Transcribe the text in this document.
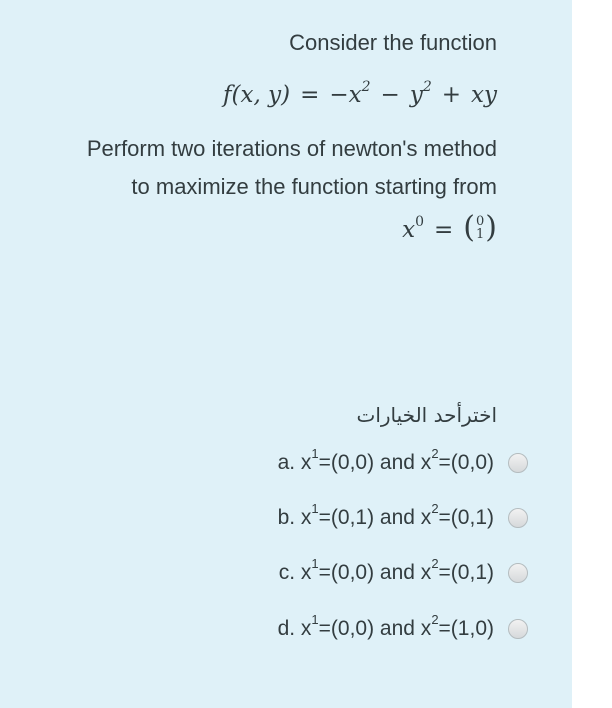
Consider the function
f(x, $y) = -x^2 - y^2$ + xy
Perform two iterations of newton's method
to maximize the function starting from
$x^0$ = ( 0
1 )
اخترأحد الخيارات
a. $x^1=(0,0)$ and $x^2=(0,0)$
b. $x^1=(0,1)$ and $x^2=(0,1)$
c. $x^1=(0,0)$ and $x^2=(0,1)$
d. $x^1=(0,0)$ and $x^2=(1,0)$
